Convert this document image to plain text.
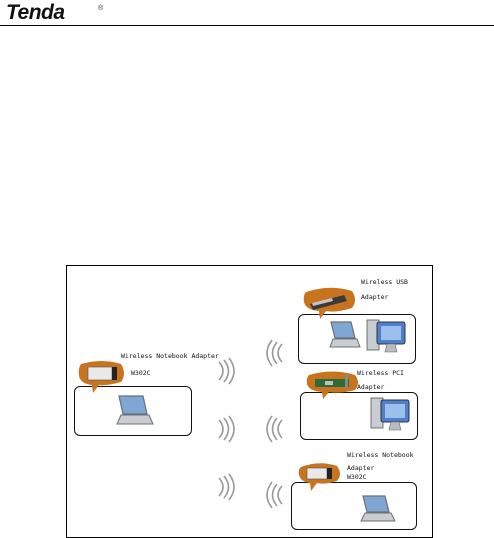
Tenda	®
Wireless Notebook Adapter
W302C
Wireless USB
Adapter
Wireless PCI
Adapter
Wireless Notebook
Adapter
W302C
